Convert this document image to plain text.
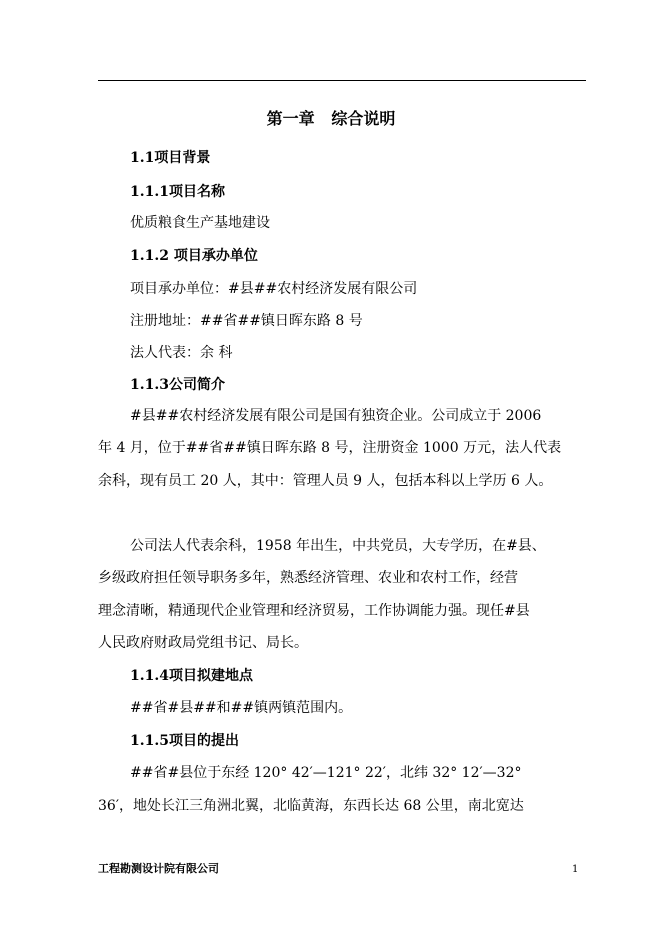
第一章   综合说明
1.1项目背景
1.1.1项目名称
优质粮食生产基地建设
1.1.2 项目承办单位
项目承办单位：#县##农村经济发展有限公司
注册地址：##省##镇日晖东路 8 号
法人代表：余 科
1.1.3公司简介
#县##农村经济发展有限公司是国有独资企业。公司成立于 2006
年 4 月，位于##省##镇日晖东路 8 号，注册资金 1000 万元，法人代表
余科，现有员工 20 人，其中：管理人员 9 人，包括本科以上学历 6 人。
公司法人代表余科，1958 年出生，中共党员，大专学历，在#县、
乡级政府担任领导职务多年，熟悉经济管理、农业和农村工作，经营
理念清晰，精通现代企业管理和经济贸易，工作协调能力强。现任#县
人民政府财政局党组书记、局长。
1.1.4项目拟建地点
##省#县##和##镇两镇范围内。
1.1.5项目的提出
##省#县位于东经 120° 42′—121° 22′，北纬 32° 12′—32°
36′，地处长江三角洲北翼，北临黄海，东西长达 68 公里，南北宽达
工程勘测设计院有限公司	1
